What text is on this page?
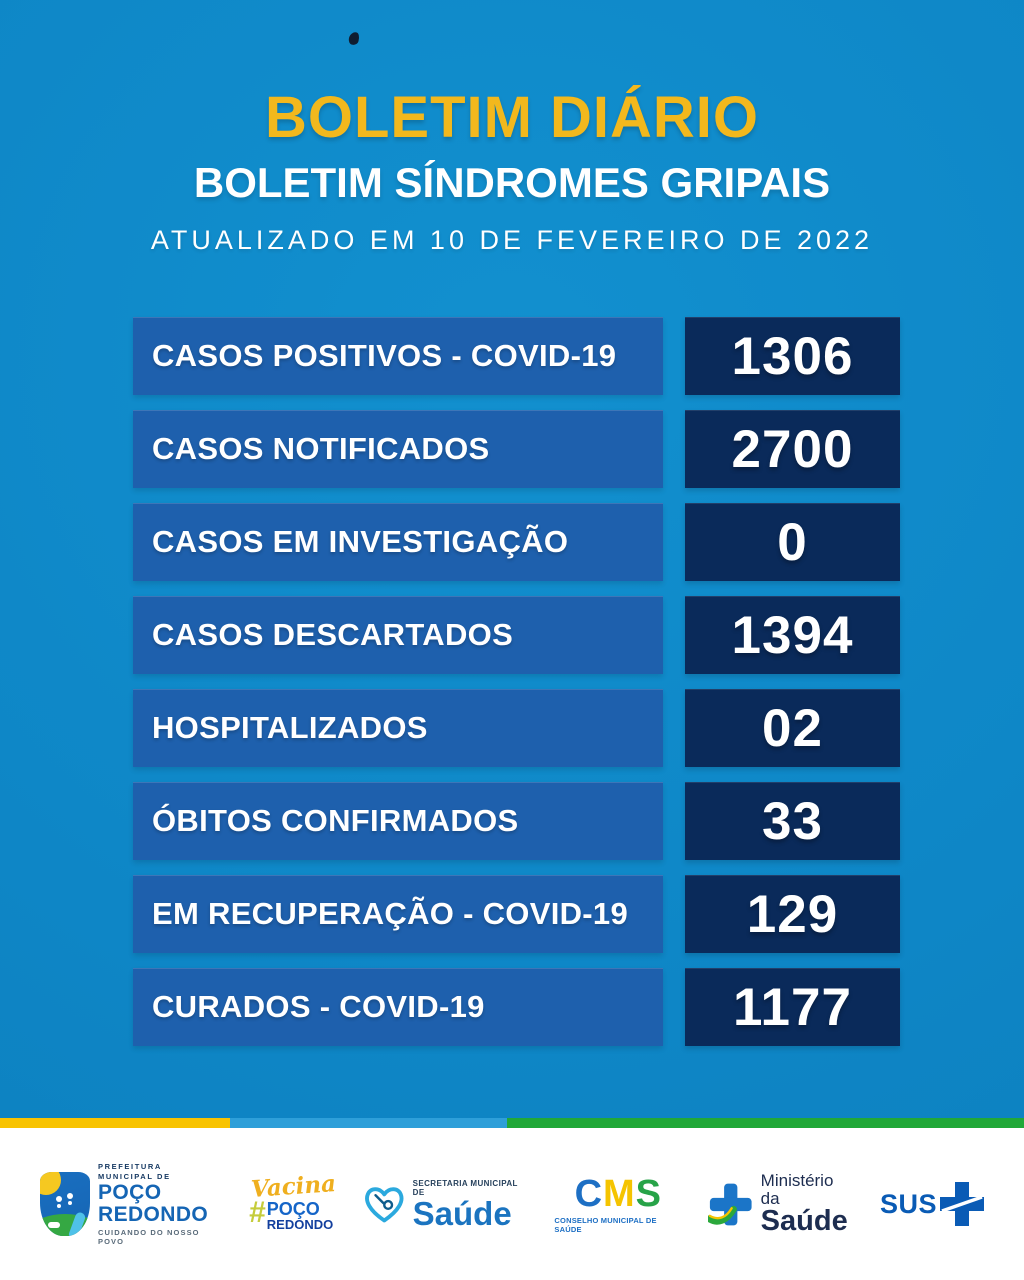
BOLETIM DIÁRIO
BOLETIM SÍNDROMES GRIPAIS
ATUALIZADO EM 10 DE FEVEREIRO DE 2022
CASOS POSITIVOS - COVID-19 1306
CASOS NOTIFICADOS	2700
CASOS EM INVESTIGAÇÃO	0
CASOS DESCARTADOS	1394
HOSPITALIZADOS	02
ÓBITOS CONFIRMADOS	33
EM RECUPERAÇÃO - COVID-19 129
CURADOS - COVID-19	1177
PREFEITURA
MUNICIPAL DE
POÇO
REDONDO
CUIDANDO DO NOSSO POVO
Vacina
# POÇO
REDONDO
SECRETARIA MUNICIPAL DE
Saúde	CMS
CONSELHO MUNICIPAL DE SAÚDE
Ministério da
Saúde
SUS
